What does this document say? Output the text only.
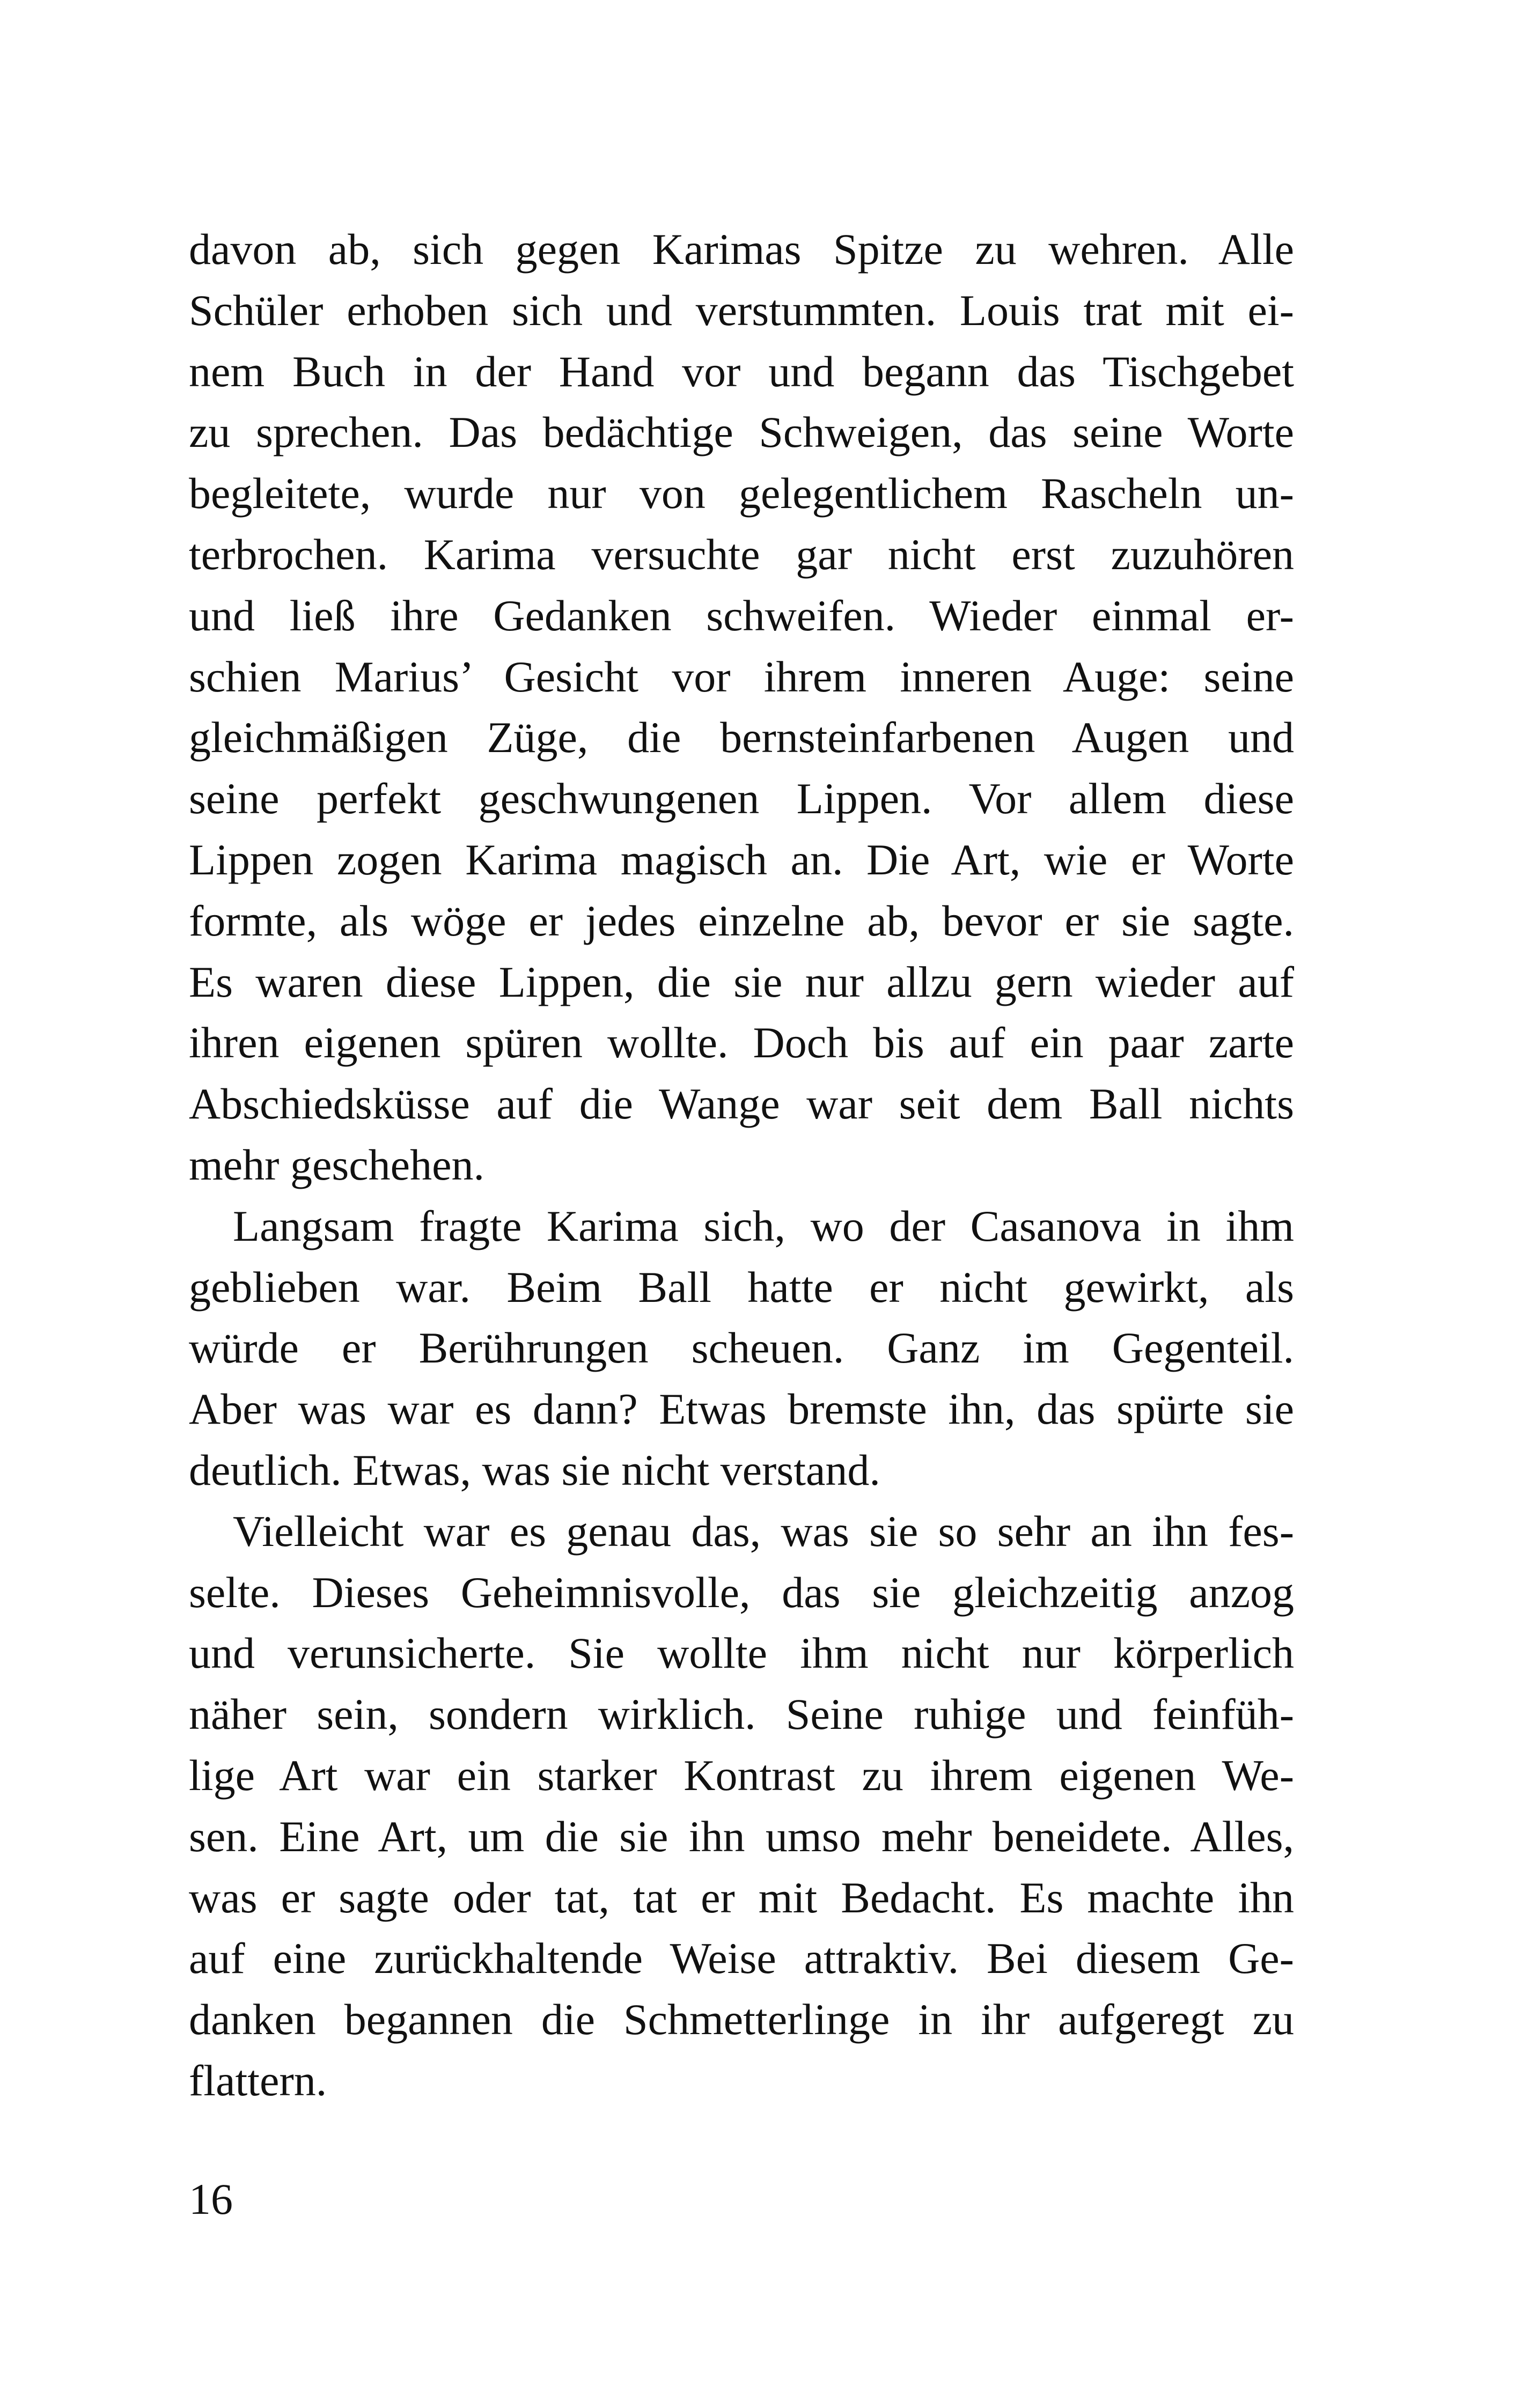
davon ab, sich gegen Karimas Spitze zu wehren. Alle
Schüler erhoben sich und verstummten. Louis trat mit ei-
nem Buch in der Hand vor und begann das Tischgebet
zu sprechen. Das bedächtige Schweigen, das seine Worte
begleitete, wurde nur von gelegentlichem Rascheln un-
terbrochen. Karima versuchte gar nicht erst zuzuhören
und ließ ihre Gedanken schweifen. Wieder einmal er-
schien Marius’ Gesicht vor ihrem inneren Auge: seine
gleichmäßigen Züge, die bernsteinfarbenen Augen und
seine perfekt geschwungenen Lippen. Vor allem diese
Lippen zogen Karima magisch an. Die Art, wie er Worte
formte, als wöge er jedes einzelne ab, bevor er sie sagte.
Es waren diese Lippen, die sie nur allzu gern wieder auf
ihren eigenen spüren wollte. Doch bis auf ein paar zarte
Abschiedsküsse auf die Wange war seit dem Ball nichts
mehr geschehen.
Langsam fragte Karima sich, wo der Casanova in ihm
geblieben war. Beim Ball hatte er nicht gewirkt, als
würde er Berührungen scheuen. Ganz im Gegenteil.
Aber was war es dann? Etwas bremste ihn, das spürte sie
deutlich. Etwas, was sie nicht verstand.
Vielleicht war es genau das, was sie so sehr an ihn fes-
selte. Dieses Geheimnisvolle, das sie gleichzeitig anzog
und verunsicherte. Sie wollte ihm nicht nur körperlich
näher sein, sondern wirklich. Seine ruhige und feinfüh-
lige Art war ein starker Kontrast zu ihrem eigenen We-
sen. Eine Art, um die sie ihn umso mehr beneidete. Alles,
was er sagte oder tat, tat er mit Bedacht. Es machte ihn
auf eine zurückhaltende Weise attraktiv. Bei diesem Ge-
danken begannen die Schmetterlinge in ihr aufgeregt zu
flattern.
16
